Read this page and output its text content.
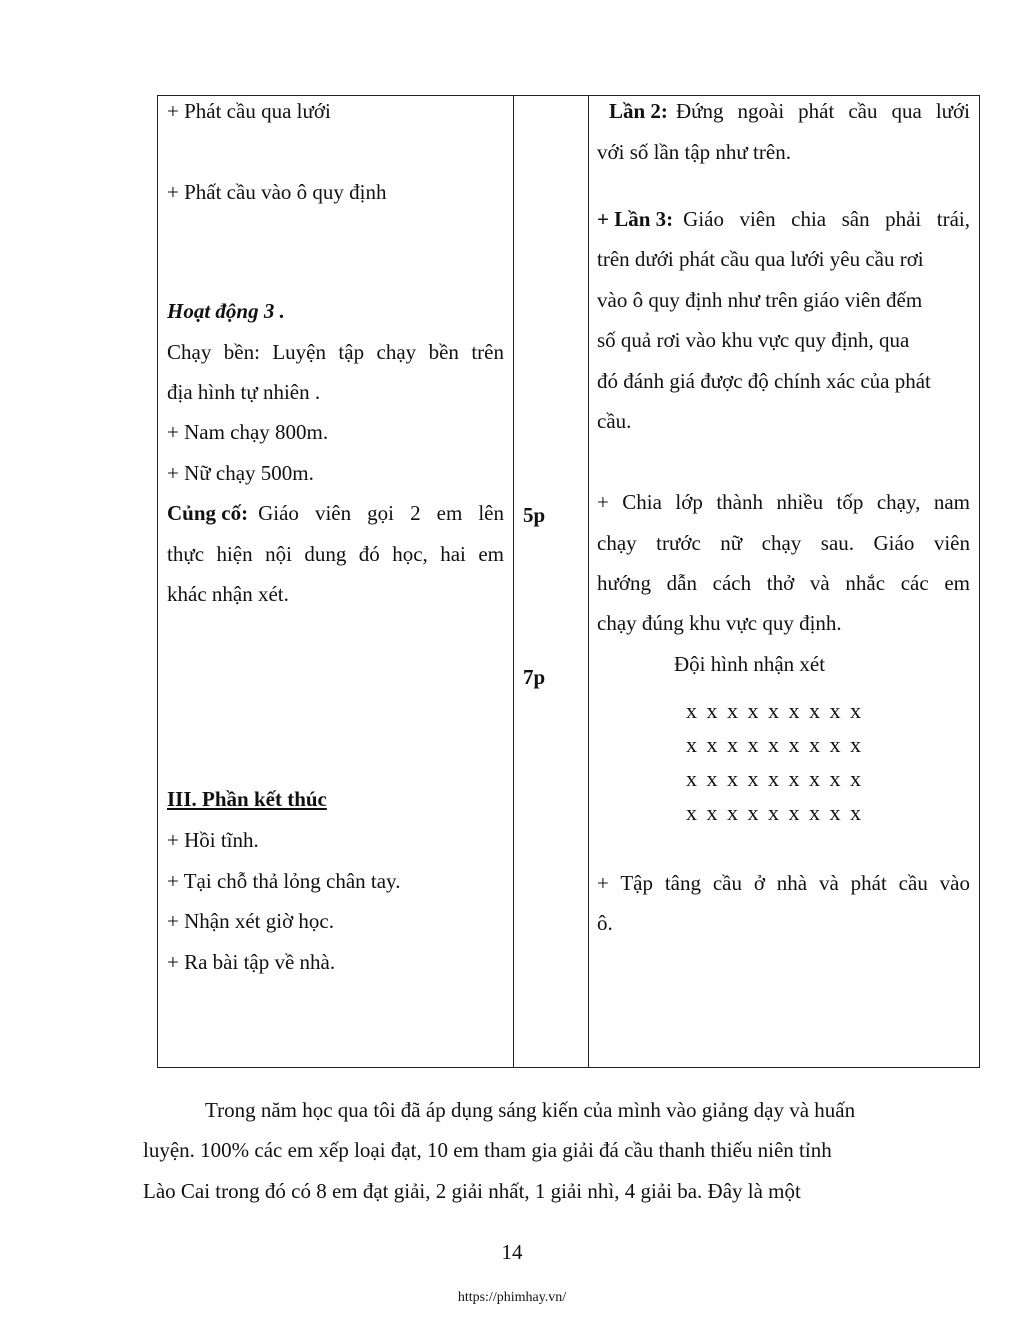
+ Phát cầu qua lưới
+ Phất cầu vào ô quy định
Hoạt động 3 .
Chạy bền: Luyện tập chạy bền trên
địa hình tự nhiên .
+ Nam chạy 800m.
+ Nữ chạy 500m.
Củng cố: Giáo viên gọi 2 em lên
thực hiện nội dung đó học, hai em
khác nhận xét.
III. Phần kết thúc
+ Hồi tĩnh.
+ Tại chỗ thả lỏng chân tay.
+ Nhận xét giờ học.
+ Ra bài tập về nhà.
5p
7p
Lần 2: Đứng ngoài phát cầu qua lưới
với số lần tập như trên.
+ Lần 3: Giáo viên chia sân phải trái,
trên dưới phát cầu qua lưới yêu cầu rơi
vào ô quy định như trên giáo viên đếm
số quả rơi vào khu vực quy định, qua
đó đánh giá được độ chính xác của phát
cầu.
+ Chia lớp thành nhiều tốp chạy, nam
chạy trước nữ chạy sau. Giáo viên
hướng dẫn cách thở và nhắc các em
chạy đúng khu vực quy định.
Đội hình nhận xét
x x x x x x x x x
x x x x x x x x x
x x x x x x x x x
x x x x x x x x x
+ Tập tâng cầu ở nhà và phát cầu vào
ô.
Trong năm học qua tôi đã áp dụng sáng kiến của mình vào giảng dạy và huấn
luyện. 100% các em xếp loại đạt, 10 em tham gia giải đá cầu thanh thiếu niên tỉnh
Lào Cai trong đó có 8 em đạt giải, 2 giải nhất, 1 giải nhì, 4 giải ba. Đây là một
14
https://phimhay.vn/
